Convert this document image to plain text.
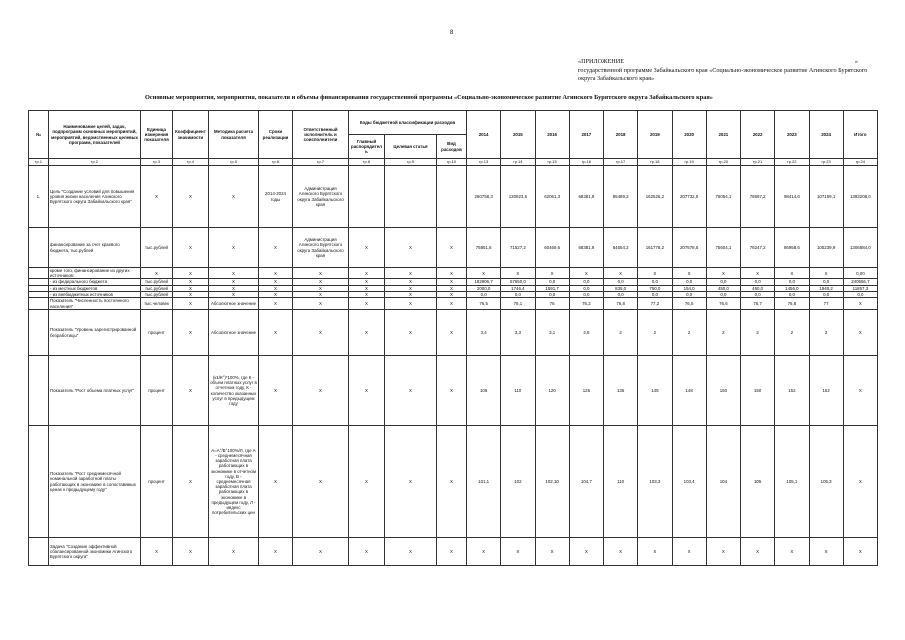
8
«ПРИЛОЖЕНИЕ	»
государственной программе Забайкальского края «Социально-экономическое развитие Агинского Бурятского округа Забайкальского края»
Основные мероприятия, мероприятия, показатели и объемы финансирования государственной программы «Социально-экономическое развитие Агинского Бурятского округа Забайкальского края»
№	Наименование целей, задач, подпрограмм основных мероприятий, мероприятий, ведомственных целевых программ, показателей	Единица измерения показателя	Коэффициент значимости	Методика расчета показателя	Сроки реализации	Ответственный исполнитель и соисполнители	Коды бюджетной классификации расходов			2014	2015	2016	2017	2018	2019	2020	2021	2022	2023	2024	Итого
							Главный распорядитель	Целевая статья	Вид расходов												
гр.1	гр.2	гр.3	гр.4	гр.5	гр.6	гр.7	гр.8	гр.9	гр.10	гр.13	гр.14	гр.15	гр.16	гр.17	гр.18	гр.19	гр.20	гр.21	гр.22	гр.23	гр.24
1.	Цель "Создание условий для повышения уровня жизни населения Агинского Бурятского округа Забайкальского края"	Х	Х	Х	2014-2024 годы	Администрация Агинского Бурятского округа Забайкальского края				260758,3	130923,5	62061,3	68381,9	85489,2	162526,2	207732,5	76054,1	78697,2	98414,6	107159,1	1393208,0
	финансирование за счет краевого бюджета, тыс.рублей	тыс.рублей	Х	Х	Х	Администрация Агинского Бурятского округа Забайкальского края	Х	Х	Х	75851,6	71527,2	60469,6	68381,9	84654,2	161778,2	207578,5	75604,1	78247,2	86958,6	105239,9	1306884,0
	кроме того, финансирование из других источников:	Х	Х	Х	Х	Х	Х	Х	Х	Х	Х	Х	Х	Х	Х	Х	Х	Х	Х	Х	0,00
	- из федерального бюджета	тыс.рублей	Х	Х	Х	Х	Х	Х	Х	182906,7	57650,0	0,0	0,0	0,0	0,0	0,0	0,0	0,0	0,0	0,0	240556,7
	- из местных бюджетов	тыс.рублей	Х	Х	Х	Х	Х	Х	Х	2000,0	1746,4	1591,7	0,0	835,0	750,0	154,0	450,0	450,0	1456,0	1940,2	11857,3
	- из внебюджетных источников	тыс.рублей	Х	Х	Х	Х	Х	Х	Х	0,0	0,0	0,0	0,0	0,0	0,0	0,0	0,0	0,0	0,0	0,0	0,0
	Показатель "Численность постоянного населения"	тыс.человек	Х	Абсолютное значение	Х	Х	Х	Х	Х	76,5	76,1	76	76,2	76,8	77,2	76,5	76,6	76,7	76,8	77	Х
	Показатель "Уровень зарегистрированной безработицы"	процент	Х	Абсолютное значение	Х	Х	Х	Х	Х	3,4	3,3	3,1	2,8	2	2	2	2	2	2	2	Х
	Показатель "Рост объема платных услуг"	процент	Х	(к1/К°)*100%, где К - объем платных услуг в отчетном году, К - количество оказанных услуг в предыдущем году	Х	Х	Х	Х	Х	106	110	120	125	135	145	148	150	150	152	152	Х
	Показатель "Рост среднемесячной номинальной заработной платы работающих в экономике в сопоставимых ценах к предыдущему году"	процент	Х	А=А°/В°100%/Л, где А - среднемесячная заработная плата работающих в экономике в отчетном году, В - среднемесячная заработная плата работающих в экономике в предыдущем году, Л - индекс потребительских цен	Х	Х	Х	Х	Х	101,1	102	102,10	104,7	110	103,3	103,4	104	105	105,1	105,3	Х
	Задача "Создание эффективной сбалансированной экономики Агинского Бурятского округа"	Х	Х	Х	Х	Х	Х	Х	Х	Х	Х	Х	Х	Х	Х	Х	Х	Х	Х	Х	Х
